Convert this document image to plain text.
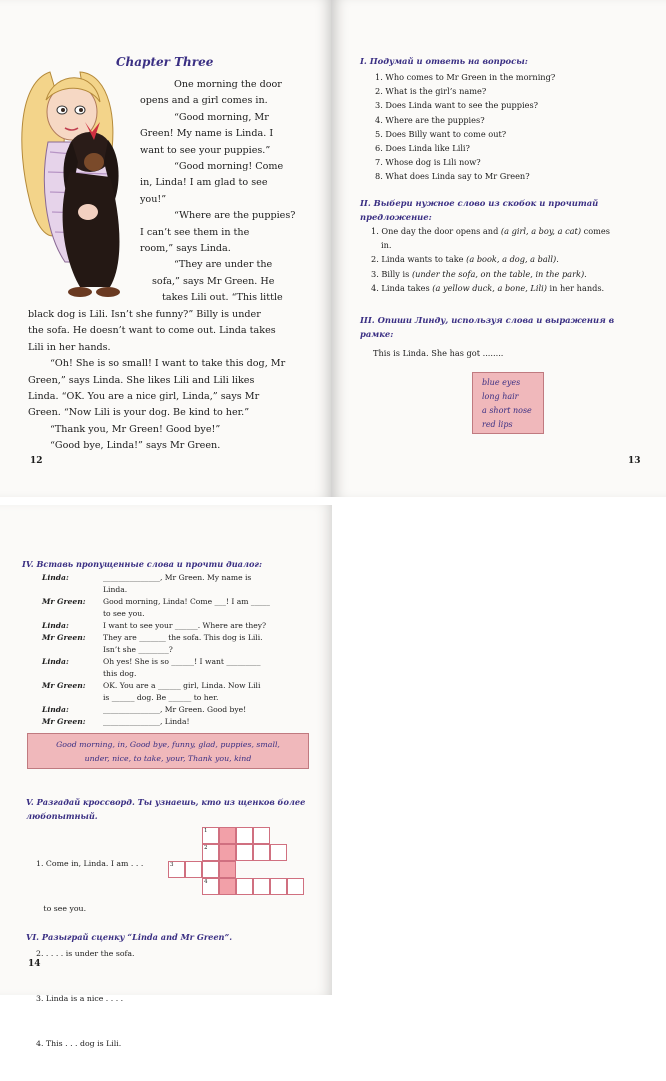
Chapter Three
One morning the door
opens and a girl comes in.
“Good morning, Mr
Green! My name is Linda. I
want to see your puppies.”
“Good morning! Come
in, Linda! I am glad to see
you!”
“Where are the puppies?
I can’t see them in the
room,” says Linda.
“They are under the
sofa,” says Mr Green. He
takes Lili out. “This little
black dog is Lili. Isn’t she funny?” Billy is under
the sofa. He doesn’t want to come out. Linda takes
Lili in her hands.
“Oh! She is so small! I want to take this dog, Mr
Green,” says Linda. She likes Lili and Lili likes
Linda. “OK. You are a nice girl, Linda,” says Mr
Green. “Now Lili is your dog. Be kind to her.”
“Thank you, Mr Green! Good bye!”
“Good bye, Linda!” says Mr Green.
12
I. Подумай и ответь на вопросы:
1. Who comes to Mr Green in the morning?
2. What is the girl’s name?
3. Does Linda want to see the puppies?
4. Where are the puppies?
5. Does Billy want to come out?
6. Does Linda like Lili?
7. Whose dog is Lili now?
8. What does Linda say to Mr Green?
II. Выбери нужное слово из скобок и прочитай
предложение:
1. One day the door opens and (a girl, a boy, a cat) comes
in.
2. Linda wants to take (a book, a dog, a ball).
3. Billy is (under the sofa, on the table, in the park).
4. Linda takes (a yellow duck, a bone, Lili) in her hands.
III. Опиши Линду, используя слова и выражения в
рамке:
This is Linda. She has got ........
blue eyes
long hair
a short nose
red lips
13
IV. Вставь пропущенные слова и прочти диалог:
Linda:	_______________, Mr Green. My name is
	Linda.
Mr Green:	Good morning, Linda! Come ___! I am _____
	to see you.
Linda:	I want to see your ______. Where are they?
Mr Green:	They are _______ the sofa. This dog is Lili.
	Isn’t she ________?
Linda:	Oh yes! She is so ______! I want _________
	this dog.
Mr Green:	OK. You are a ______ girl, Linda. Now Lili
	is ______ dog. Be ______ to her.
Linda:	_______________, Mr Green. Good bye!
Mr Green:	_______________, Linda!
Good morning, in, Good bye, funny, glad, puppies, small,
under, nice, to take, your, Thank you, kind
V. Разгадай кроссворд. Ты узнаешь, кто из щенков более
любопытный.

1. Come in, Linda. I am . . .

to see you.

2. . . . . is under the sofa.

3. Linda is a nice . . . .

4. This . . . dog is Lili.

1
2
3
4
VI. Разыграй сценку “Linda and Mr Green”.
14
